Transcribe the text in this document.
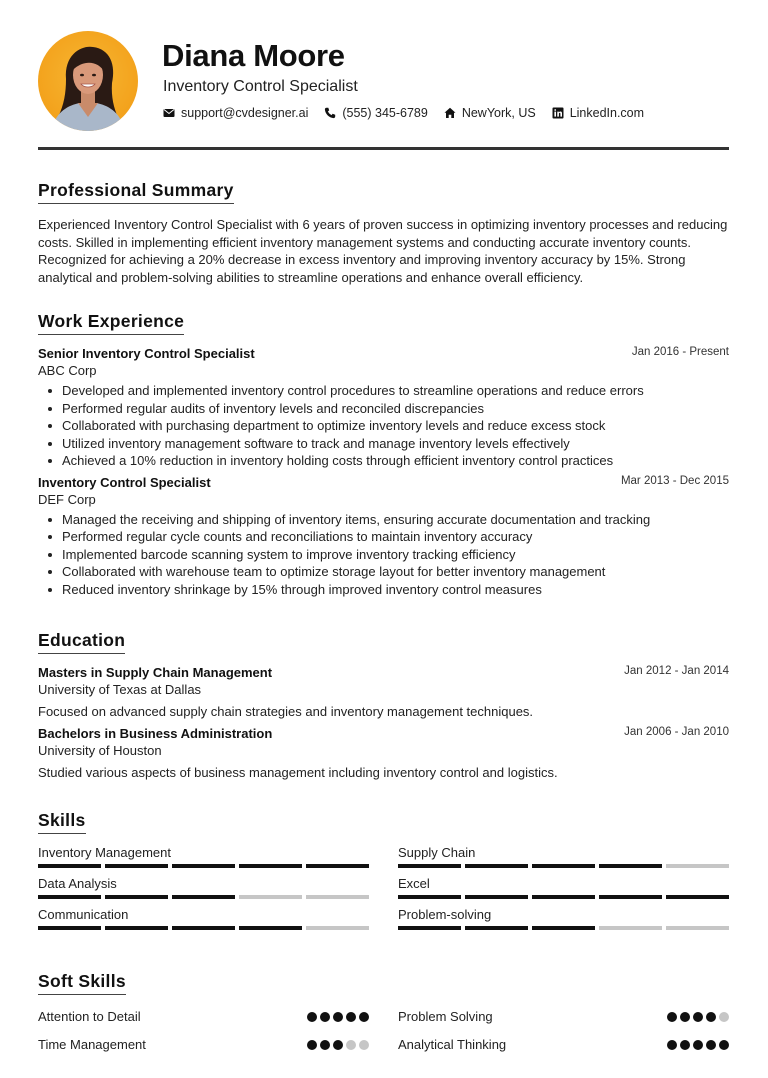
Diana Moore
Inventory Control Specialist
support@cvdesigner.ai	(555) 345-6789	NewYork, US	LinkedIn.com
Professional Summary

Experienced Inventory Control Specialist with 6 years of proven success in optimizing inventory processes and reducing costs. Skilled in implementing efficient inventory management systems and conducting accurate inventory counts. Recognized for achieving a 20% decrease in excess inventory and improving inventory accuracy by 15%. Strong analytical and problem-solving abilities to streamline operations and enhance overall efficiency.

Work Experience
Senior Inventory Control Specialist	Jan 2016 - Present
ABC Corp
Developed and implemented inventory control procedures to streamline operations and reduce errors
Performed regular audits of inventory levels and reconciled discrepancies
Collaborated with purchasing department to optimize inventory levels and reduce excess stock
Utilized inventory management software to track and manage inventory levels effectively
Achieved a 10% reduction in inventory holding costs through efficient inventory control practices
Inventory Control Specialist	Mar 2013 - Dec 2015
DEF Corp
Managed the receiving and shipping of inventory items, ensuring accurate documentation and tracking
Performed regular cycle counts and reconciliations to maintain inventory accuracy
Implemented barcode scanning system to improve inventory tracking efficiency
Collaborated with warehouse team to optimize storage layout for better inventory management
Reduced inventory shrinkage by 15% through improved inventory control measures
Education
Masters in Supply Chain Management	Jan 2012 - Jan 2014
University of Texas at Dallas
Focused on advanced supply chain strategies and inventory management techniques.
Bachelors in Business Administration	Jan 2006 - Jan 2010
University of Houston
Studied various aspects of business management including inventory control and logistics.
Skills
Inventory Management	Supply Chain
Data Analysis	Excel
Communication	Problem-solving
Soft Skills
Attention to Detail	Problem Solving
Time Management	Analytical Thinking
